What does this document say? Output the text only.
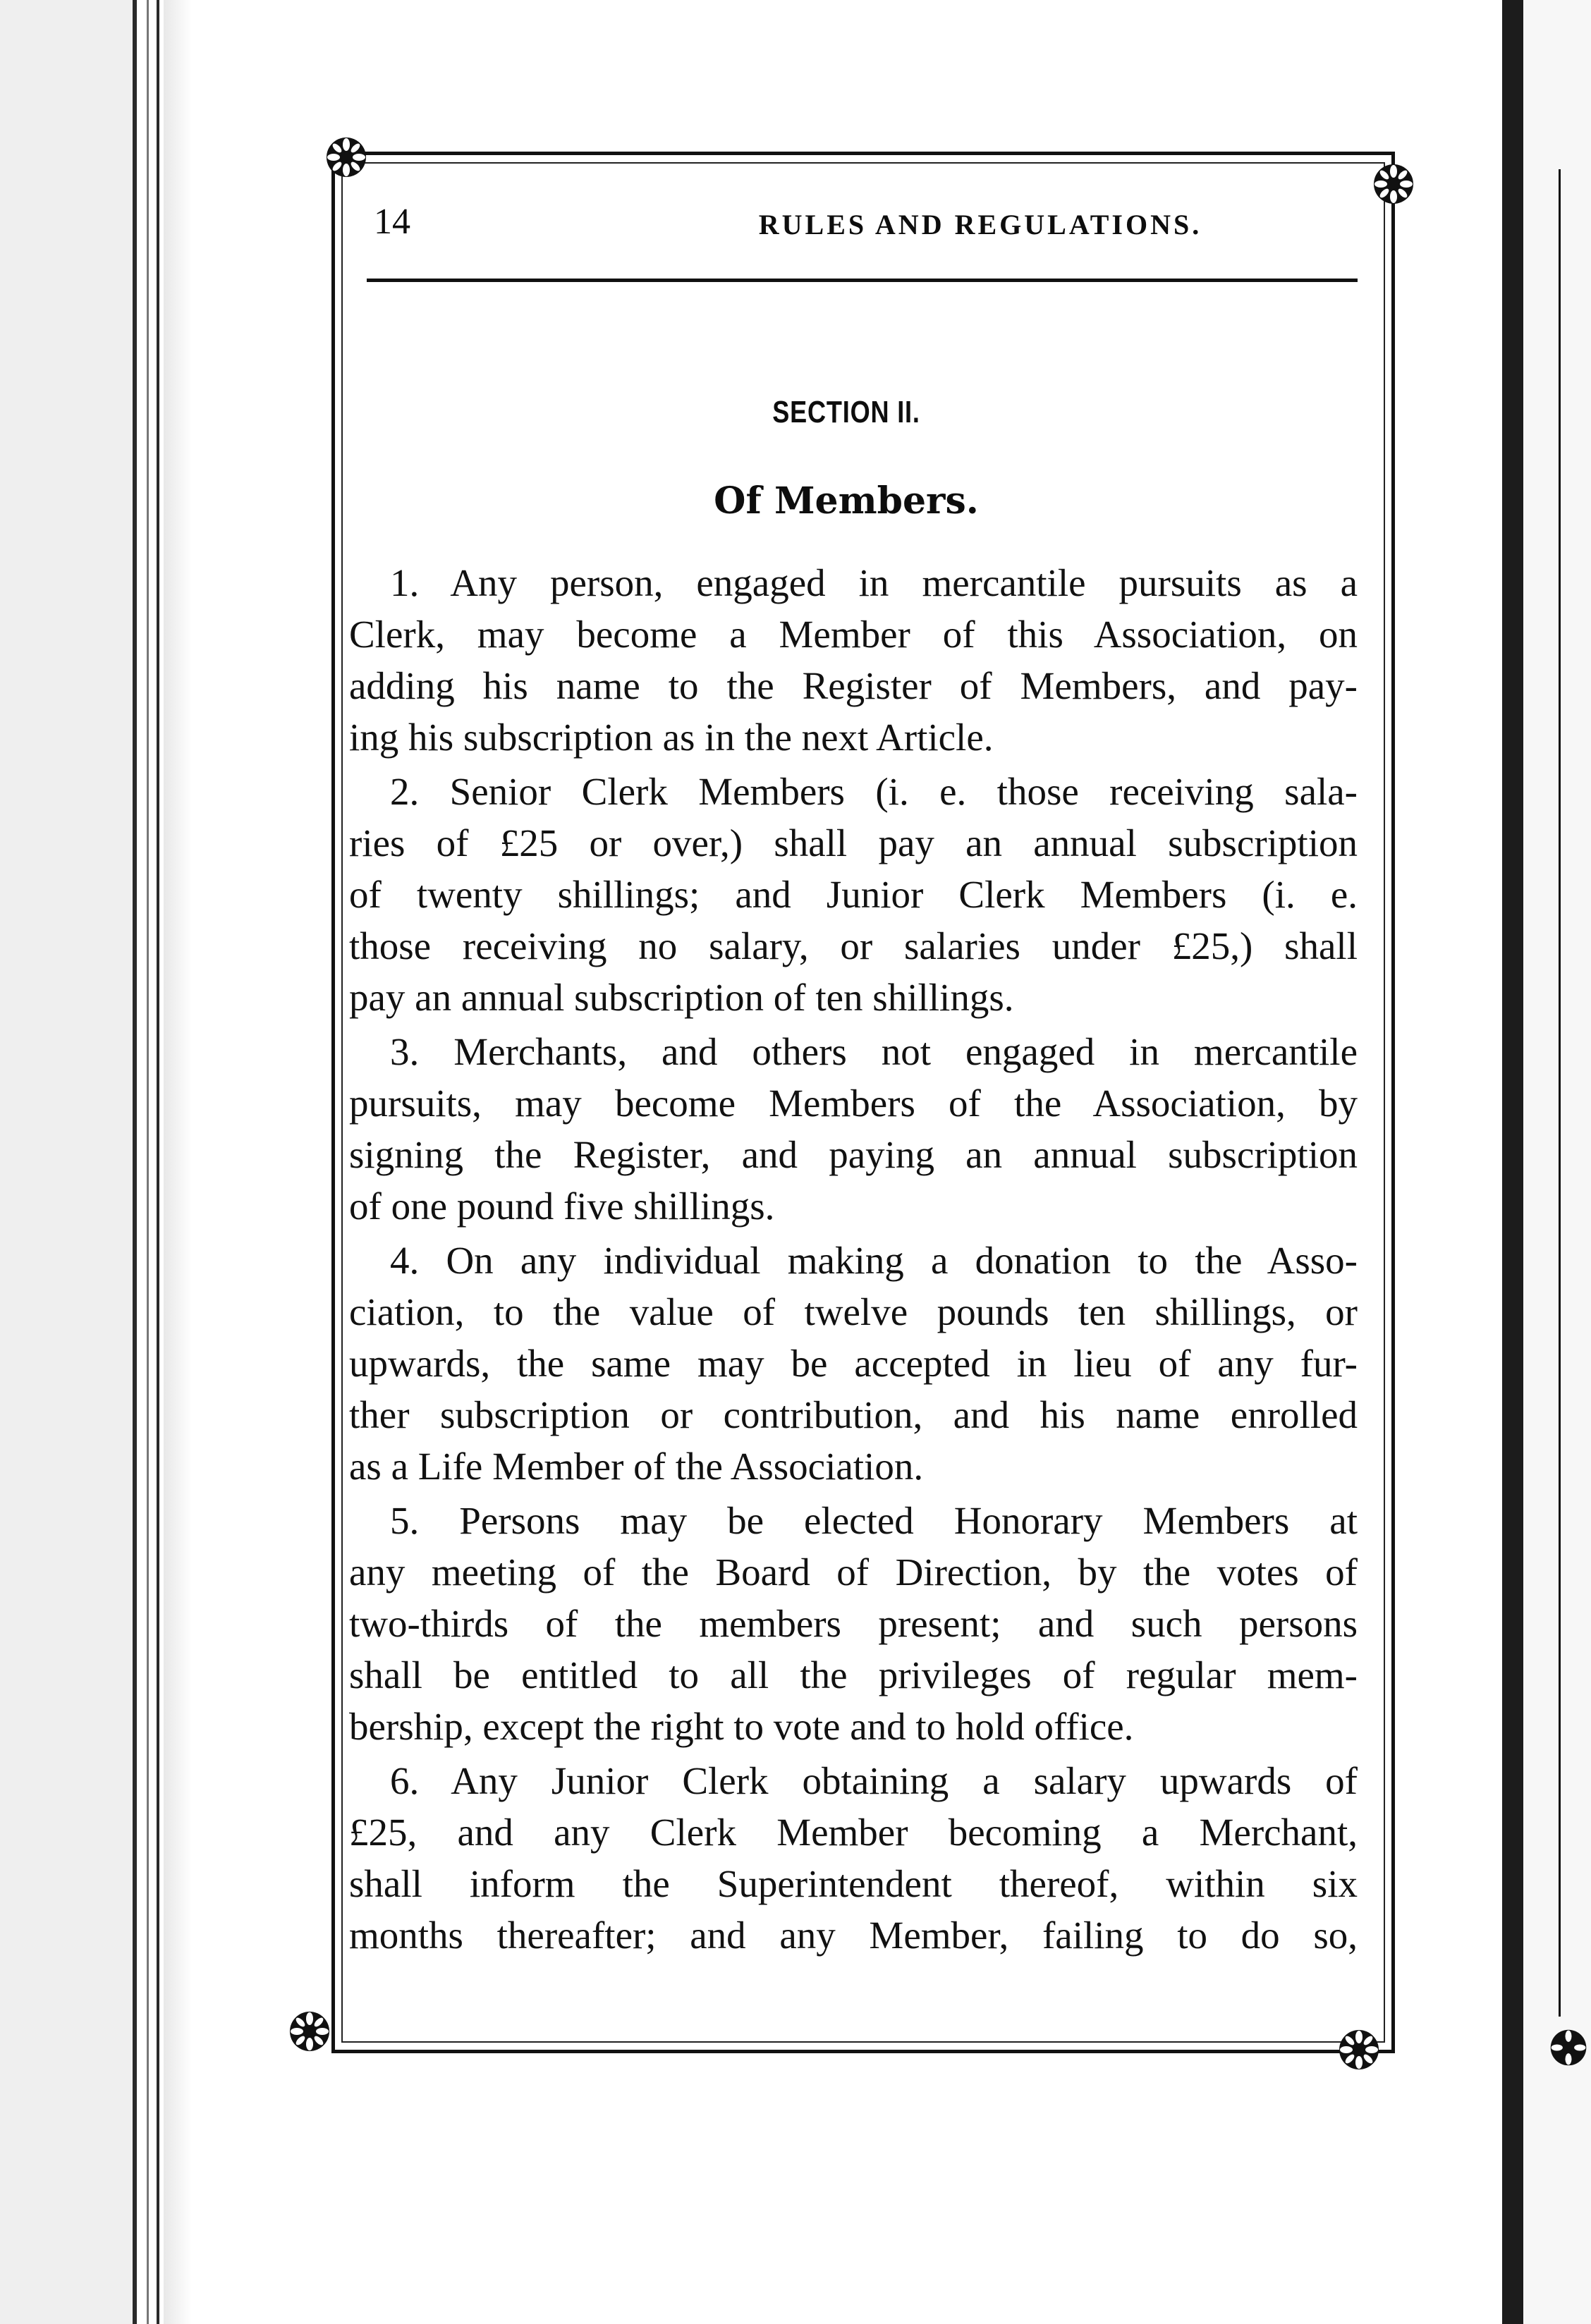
14	RULES AND REGULATIONS.
SECTION II.
Of Members.
1. Any person, engaged in mercantile pursuits as a
Clerk, may become a Member of this Association, on
adding his name to the Register of Members, and pay-
ing his subscription as in the next Article.
2. Senior Clerk Members (i. e. those receiving sala-
ries of £25 or over,) shall pay an annual subscription
of twenty shillings; and Junior Clerk Members (i. e.
those receiving no salary, or salaries under £25,) shall
pay an annual subscription of ten shillings.
3. Merchants, and others not engaged in mercantile
pursuits, may become Members of the Association, by
signing the Register, and paying an annual subscription
of one pound five shillings.
4. On any individual making a donation to the Asso-
ciation, to the value of twelve pounds ten shillings, or
upwards, the same may be accepted in lieu of any fur-
ther subscription or contribution, and his name enrolled
as a Life Member of the Association.
5. Persons may be elected Honorary Members at
any meeting of the Board of Direction, by the votes of
two-thirds of the members present; and such persons
shall be entitled to all the privileges of regular mem-
bership, except the right to vote and to hold office.
6. Any Junior Clerk obtaining a salary upwards of
£25, and any Clerk Member becoming a Merchant,
shall inform the Superintendent thereof, within six
months thereafter; and any Member, failing to do so,
